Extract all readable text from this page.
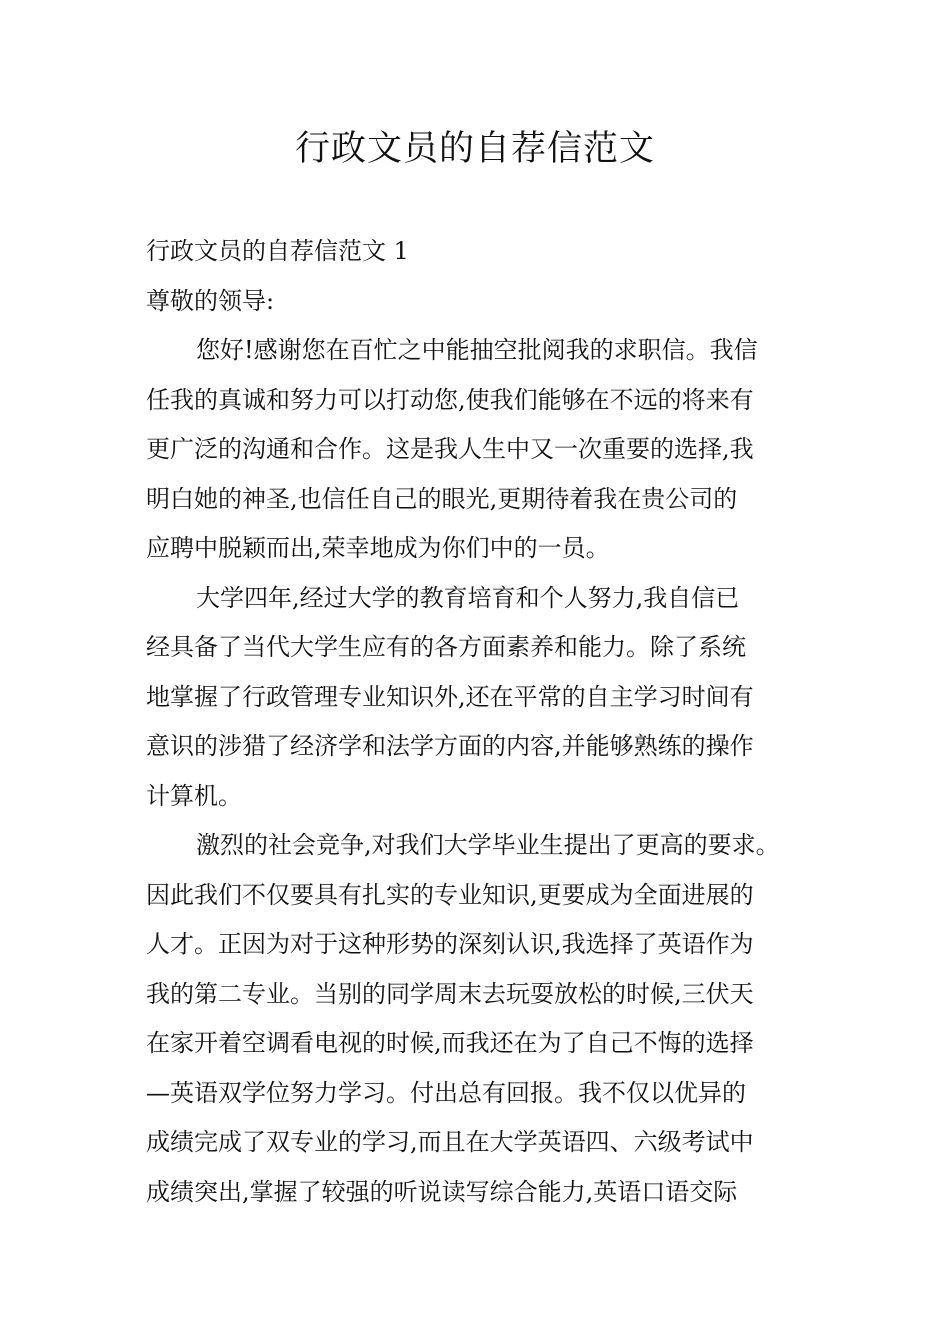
行政文员的自荐信范文

行政文员的自荐信范文 1

尊敬的领导:

您好!感谢您在百忙之中能抽空批阅我的求职信。我信

任我的真诚和努力可以打动您,使我们能够在不远的将来有

更广泛的沟通和合作。这是我人生中又一次重要的选择,我

明白她的神圣,也信任自己的眼光,更期待着我在贵公司的

应聘中脱颖而出,荣幸地成为你们中的一员。

大学四年,经过大学的教育培育和个人努力,我自信已

经具备了当代大学生应有的各方面素养和能力。除了系统

地掌握了行政管理专业知识外,还在平常的自主学习时间有

意识的涉猎了经济学和法学方面的内容,并能够熟练的操作

计算机。

激烈的社会竞争,对我们大学毕业生提出了更高的要求。

因此我们不仅要具有扎实的专业知识,更要成为全面进展的

人才。正因为对于这种形势的深刻认识,我选择了英语作为

我的第二专业。当别的同学周末去玩耍放松的时候,三伏天

在家开着空调看电视的时候,而我还在为了自己不悔的选择

—英语双学位努力学习。付出总有回报。我不仅以优异的

成绩完成了双专业的学习,而且在大学英语四、六级考试中

成绩突出,掌握了较强的听说读写综合能力,英语口语交际
